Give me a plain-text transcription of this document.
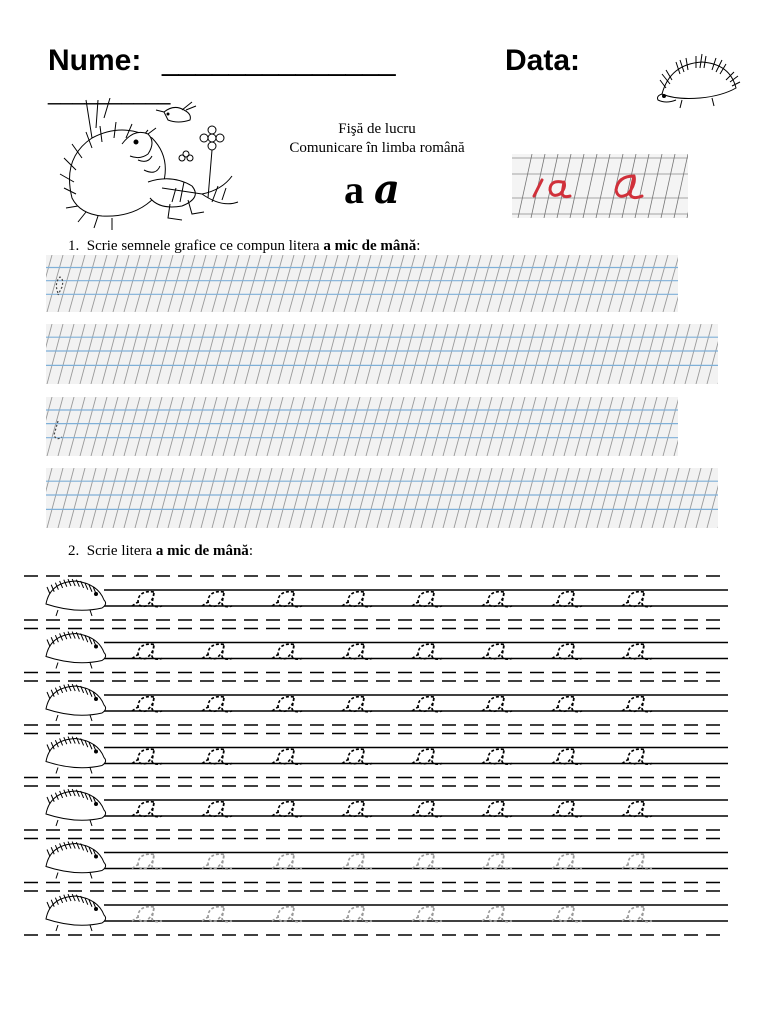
Nume: ______________	Data:
__________
Fişă de lucru
Comunicare în limba română
a a
1. Scrie semnele grafice ce compun litera a mic de mână:
2. Scrie litera a mic de mână:
